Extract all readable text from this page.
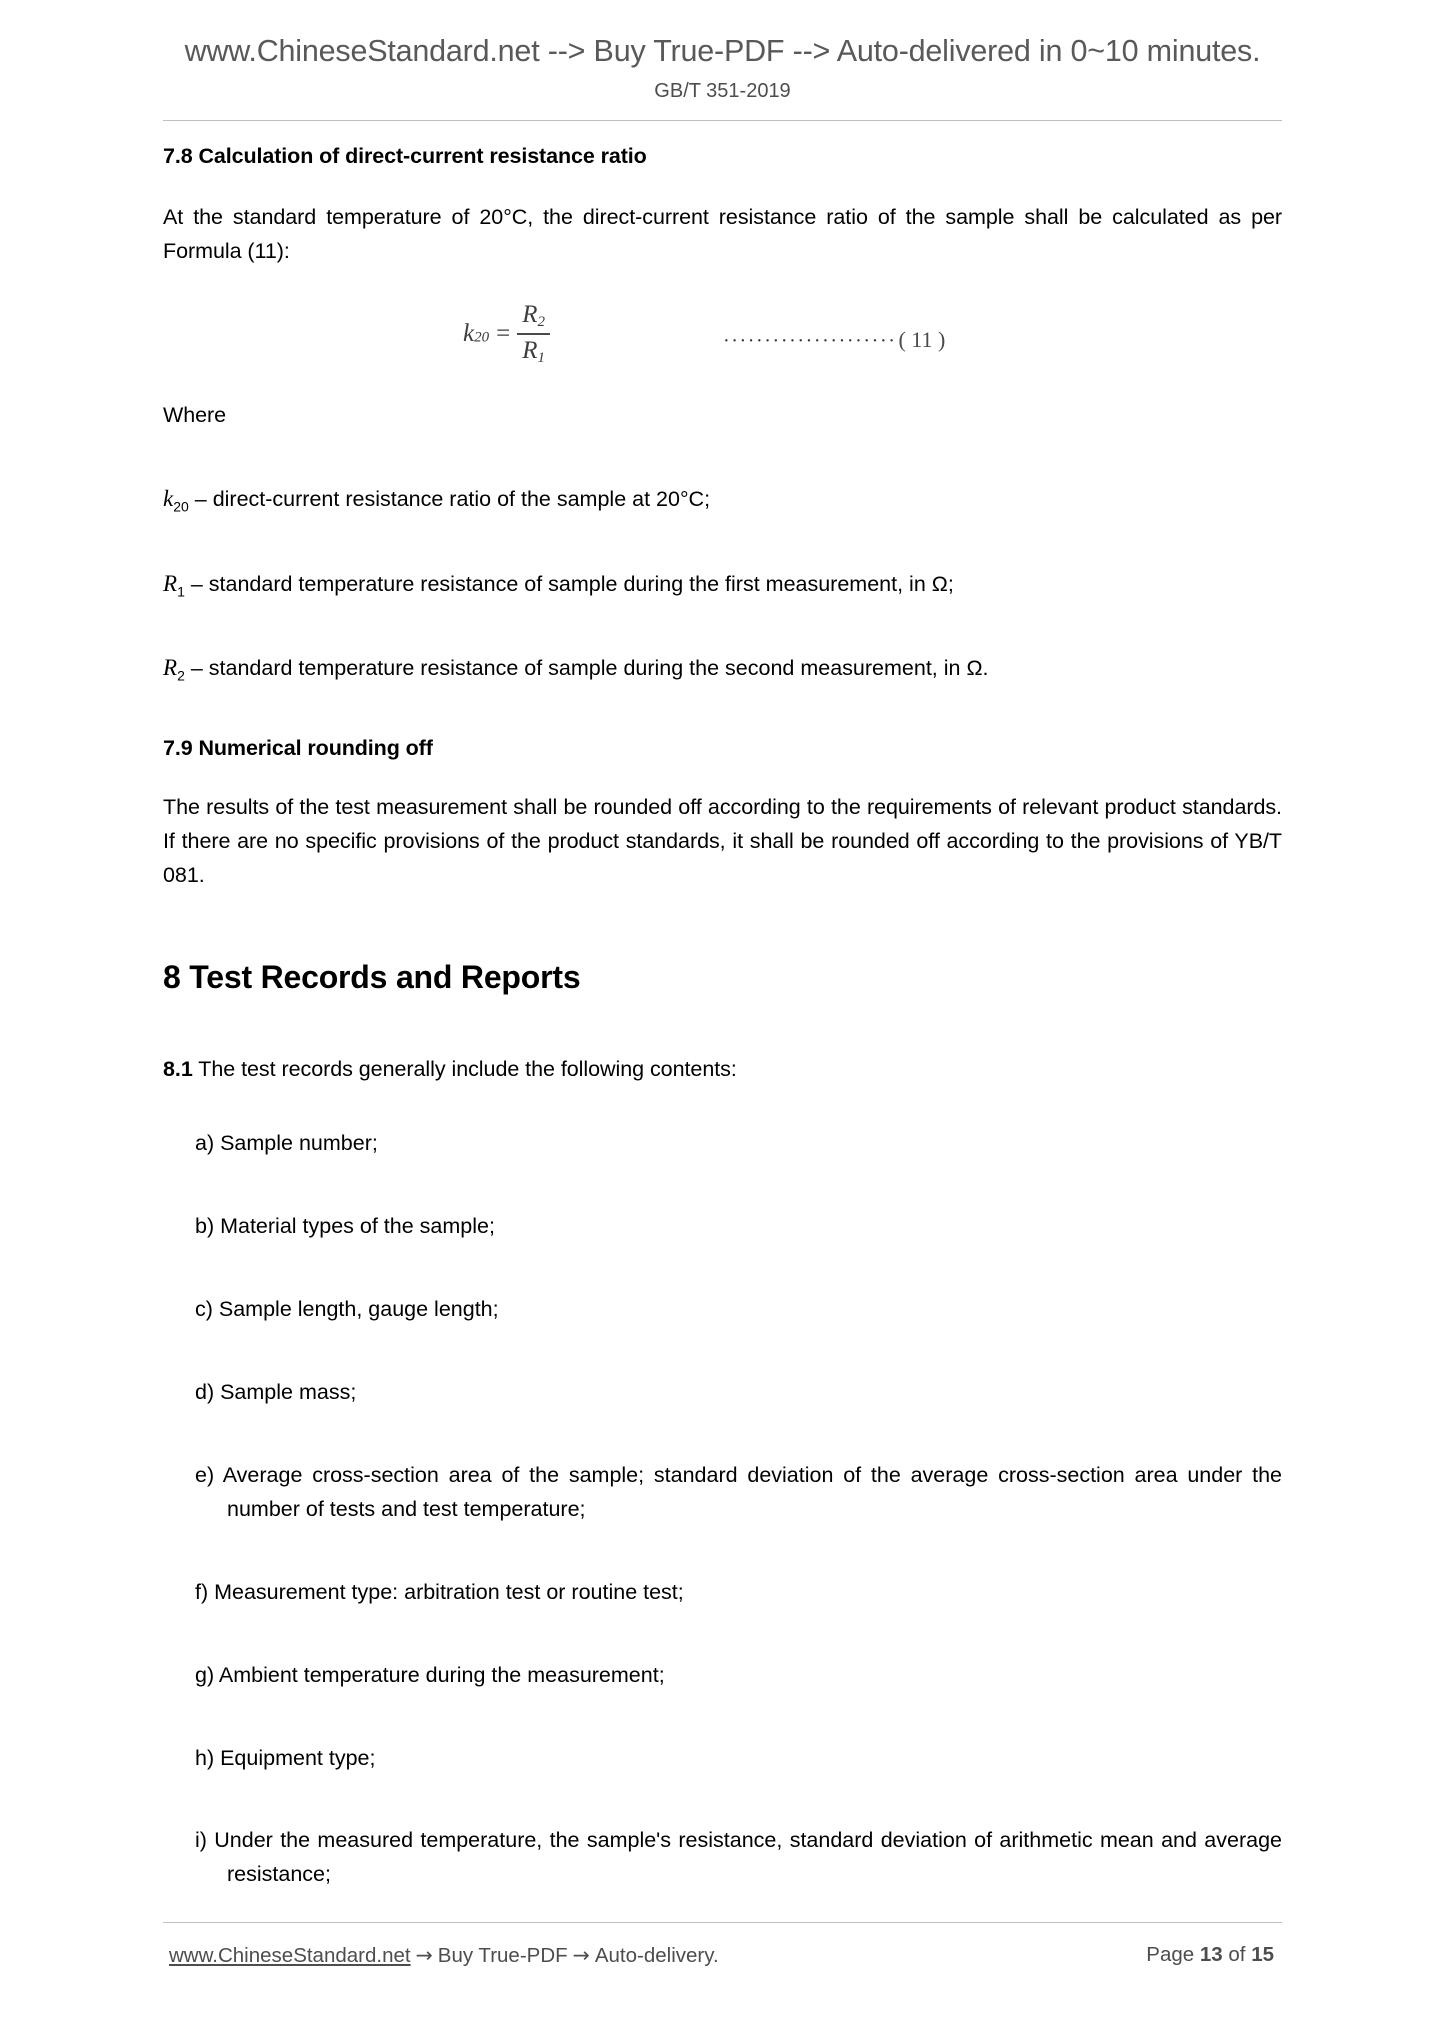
www.ChineseStandard.net --> Buy True-PDF --> Auto-delivered in 0~10 minutes.
GB/T 351-2019
7.8 Calculation of direct-current resistance ratio

At the standard temperature of 20°C, the direct-current resistance ratio of the sample shall be calculated as per Formula (11):

$k20 = \frac{R_2}{R_1}$	·····················( 11 )

Where

$k_{20}$ – direct-current resistance ratio of the sample at 20°C;

$R_1$ – standard temperature resistance of sample during the first measurement, in Ω;

$R_2$ – standard temperature resistance of sample during the second measurement, in Ω.

7.9 Numerical rounding off

The results of the test measurement shall be rounded off according to the requirements of relevant product standards. If there are no specific provisions of the product standards, it shall be rounded off according to the provisions of YB/T 081.

8 Test Records and Reports

8.1 The test records generally include the following contents:

a) Sample number;
b) Material types of the sample;
c) Sample length, gauge length;
d) Sample mass;
e) Average cross-section area of the sample; standard deviation of the average cross-section area under the number of tests and test temperature;
f) Measurement type: arbitration test or routine test;
g) Ambient temperature during the measurement;
h) Equipment type;
i) Under the measured temperature, the sample's resistance, standard deviation of arithmetic mean and average resistance;
www.ChineseStandard.net → Buy True-PDF → Auto-delivery.	Page 13 of 15
